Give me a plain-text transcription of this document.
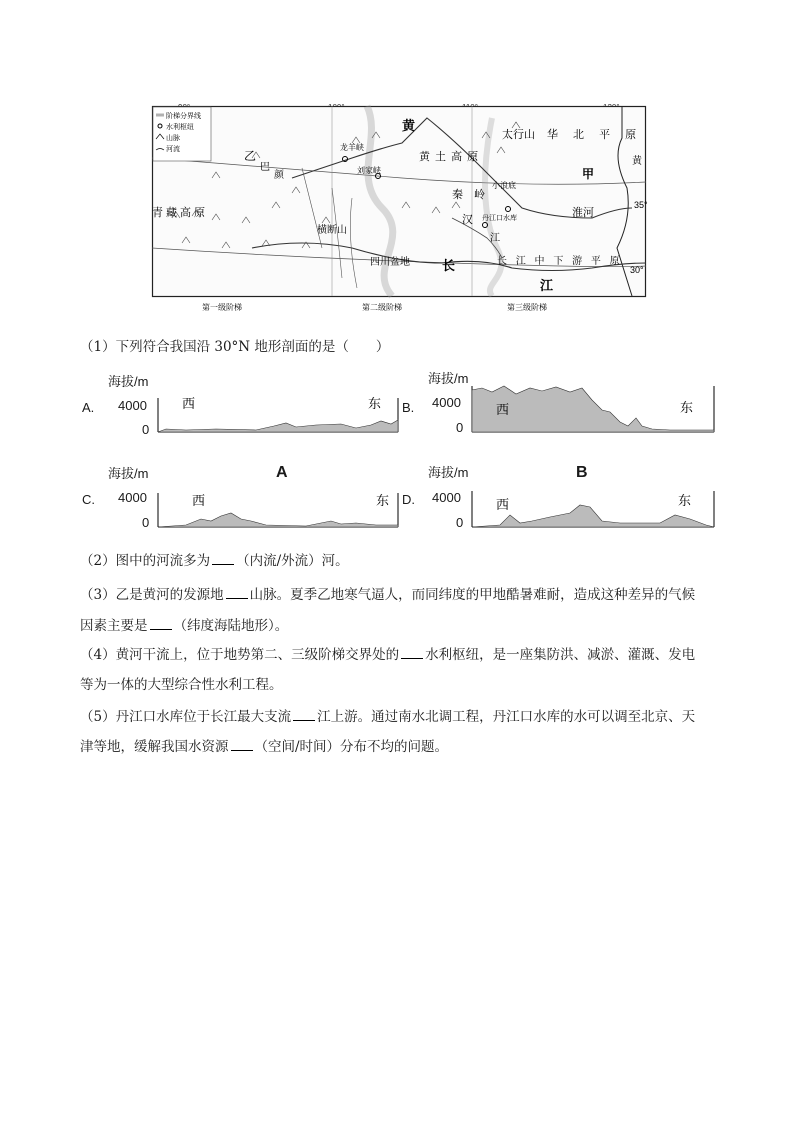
阶梯分界线
水利枢纽
山脉
河流
黄
黄
乙
巴
颜
龙羊峡
刘家峡
黄 土 高 原
太行山 华 北 平 原
甲
秦 岭
小浪底
丹江口水库
汉
江
淮河
青藏高原
横断山
四川盆地 长
江
长 江 中 下 游 平 原
35°
30°
第一级阶梯	第二级阶梯	第三级阶梯
（1）下列符合我国沿 30°N 地形剖面的是（　　）
海拔/m
4000
0
A.	西	东
海拔/m
B. 4000
0
西	东
A	B
海拔/m
C. 4000
0
西	东
海拔/m
D. 4000
0
西	东
（2）图中的河流多为 （内流/外流）河。
（3）乙是黄河的发源地 山脉。夏季乙地寒气逼人，而同纬度的甲地酷暑难耐，造成这种差异的气候
因素主要是 （纬度海陆地形）。
（4）黄河干流上，位于地势第二、三级阶梯交界处的 水利枢纽，是一座集防洪、减淤、灌溉、发电
等为一体的大型综合性水利工程。
（5）丹江口水库位于长江最大支流 江上游。通过南水北调工程，丹江口水库的水可以调至北京、天
津等地，缓解我国水资源 （空间/时间）分布不均的问题。
